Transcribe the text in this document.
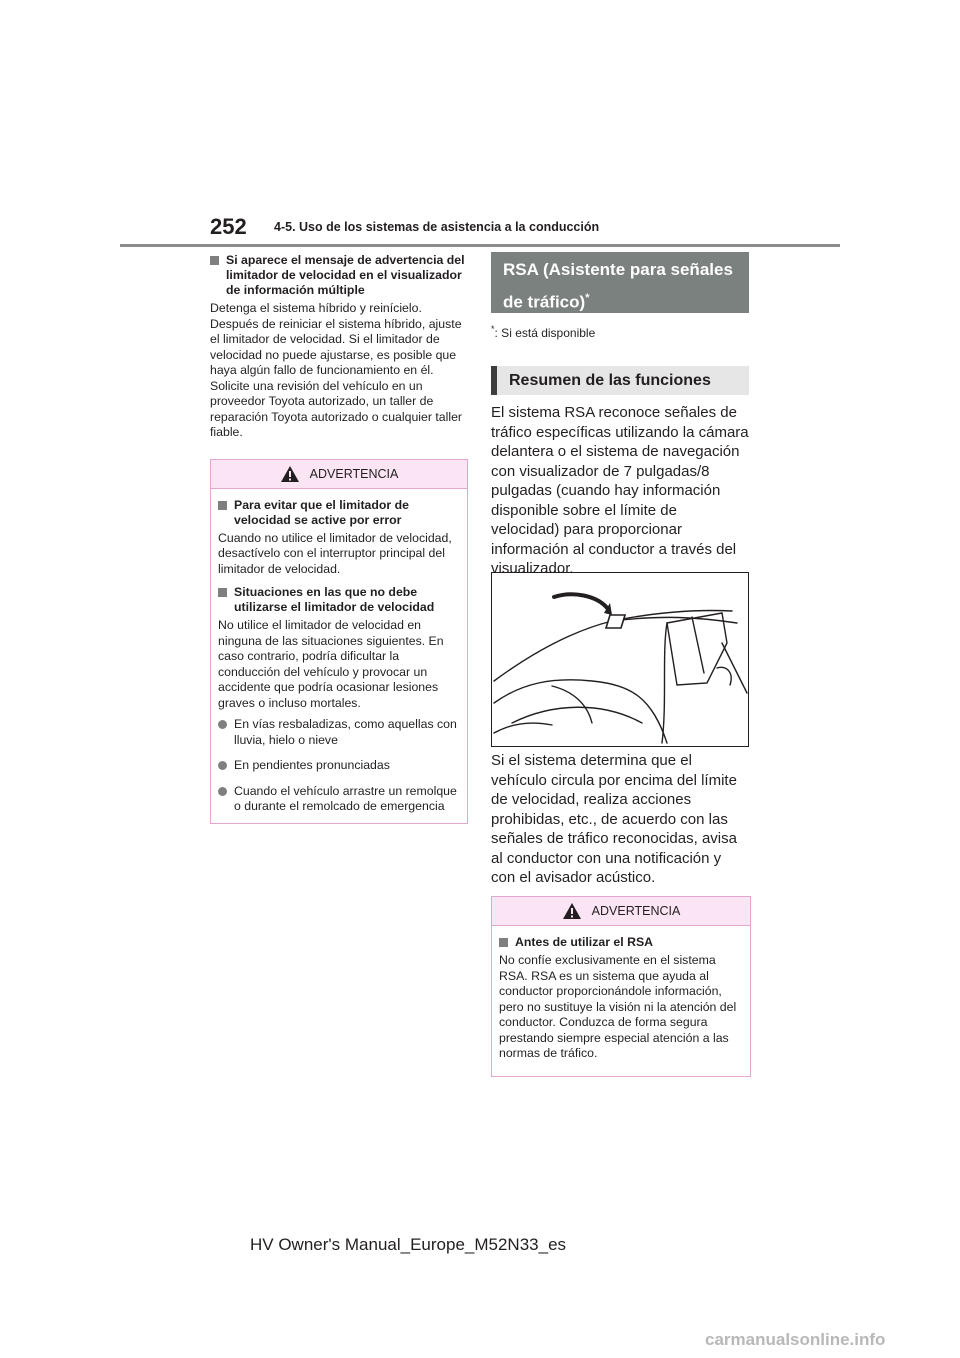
252 4-5. Uso de los sistemas de asistencia a la conducción
Si aparece el mensaje de advertencia del limitador de velocidad en el visualizador de información múltiple
Detenga el sistema híbrido y reinícielo. Después de reiniciar el sistema híbrido, ajuste el limitador de velocidad. Si el limitador de velocidad no puede ajustarse, es posible que haya algún fallo de funcionamiento en él. Solicite una revisión del vehículo en un proveedor Toyota autorizado, un taller de reparación Toyota autorizado o cualquier taller fiable.
ADVERTENCIA
Para evitar que el limitador de velocidad se active por error
Cuando no utilice el limitador de velocidad, desactívelo con el interruptor principal del limitador de velocidad.
Situaciones en las que no debe utilizarse el limitador de velocidad
No utilice el limitador de velocidad en ninguna de las situaciones siguientes. En caso contrario, podría dificultar la conducción del vehículo y provocar un accidente que podría ocasionar lesiones graves o incluso mortales.
En vías resbaladizas, como aquellas con lluvia, hielo o nieve
En pendientes pronunciadas
Cuando el vehículo arrastre un remolque o durante el remolcado de emergencia
RSA (Asistente para señales de tráfico)*
*: Si está disponible
Resumen de las funciones
El sistema RSA reconoce señales de tráfico específicas utilizando la cámara delantera o el sistema de navegación con visualizador de 7 pulgadas/8 pulgadas (cuando hay información disponible sobre el límite de velocidad) para proporcionar información al conductor a través del visualizador.
Si el sistema determina que el vehículo circula por encima del límite de velocidad, realiza acciones prohibidas, etc., de acuerdo con las señales de tráfico reconocidas, avisa al conductor con una notificación y con el avisador acústico.
ADVERTENCIA
Antes de utilizar el RSA
No confíe exclusivamente en el sistema RSA. RSA es un sistema que ayuda al conductor proporcionándole información, pero no sustituye la visión ni la atención del conductor. Conduzca de forma segura prestando siempre especial atención a las normas de tráfico.
HV Owner's Manual_Europe_M52N33_es
carmanualsonline.info
